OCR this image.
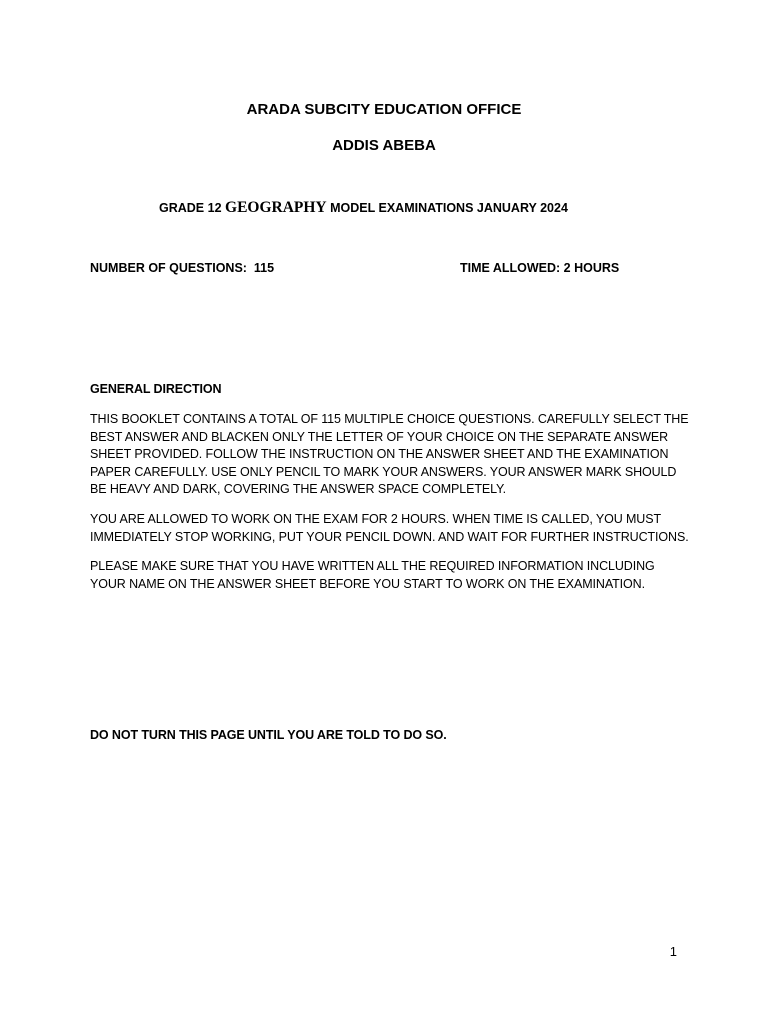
ARADA SUBCITY EDUCATION OFFICE
ADDIS ABEBA
GRADE 12 GEOGRAPHY MODEL EXAMINATIONS JANUARY 2024
NUMBER OF QUESTIONS:  115	TIME ALLOWED: 2 HOURS
GENERAL DIRECTION

THIS BOOKLET CONTAINS A TOTAL OF 115 MULTIPLE CHOICE QUESTIONS. CAREFULLY SELECT THE BEST ANSWER AND BLACKEN ONLY THE LETTER OF YOUR CHOICE ON THE SEPARATE ANSWER SHEET PROVIDED. FOLLOW THE INSTRUCTION ON THE ANSWER SHEET AND THE EXAMINATION PAPER CAREFULLY. USE ONLY PENCIL TO MARK YOUR ANSWERS. YOUR ANSWER MARK SHOULD BE HEAVY AND DARK, COVERING THE ANSWER SPACE COMPLETELY.

YOU ARE ALLOWED TO WORK ON THE EXAM FOR 2 HOURS. WHEN TIME IS CALLED, YOU MUST IMMEDIATELY STOP WORKING, PUT YOUR PENCIL DOWN. AND WAIT FOR FURTHER INSTRUCTIONS.

PLEASE MAKE SURE THAT YOU HAVE WRITTEN ALL THE REQUIRED INFORMATION INCLUDING YOUR NAME ON THE ANSWER SHEET BEFORE YOU START TO WORK ON THE EXAMINATION.

DO NOT TURN THIS PAGE UNTIL YOU ARE TOLD TO DO SO.
1
